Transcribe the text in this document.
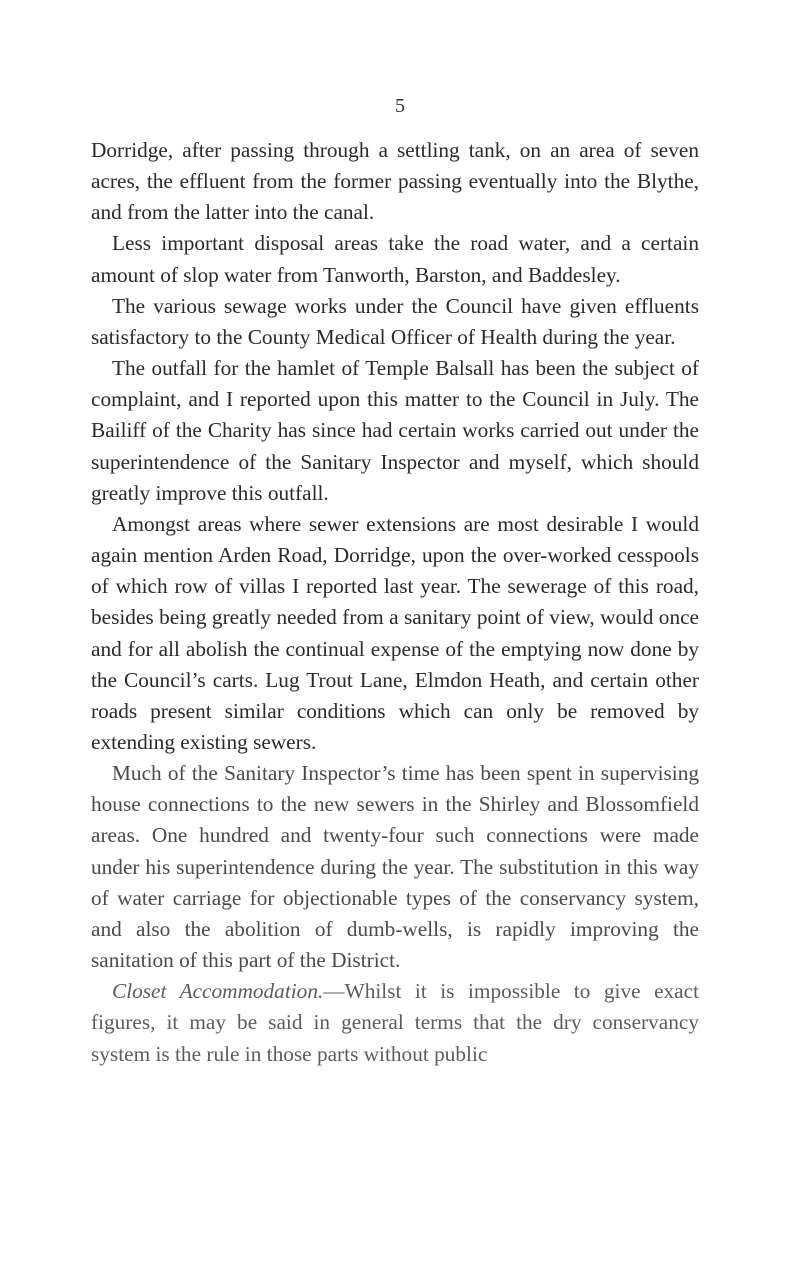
5

Dorridge, after passing through a settling tank, on an area of seven acres, the effluent from the former passing eventually into the Blythe, and from the latter into the canal.

Less important disposal areas take the road water, and a certain amount of slop water from Tanworth, Barston, and Baddesley.

The various sewage works under the Council have given effluents satisfactory to the County Medical Officer of Health during the year.

The outfall for the hamlet of Temple Balsall has been the subject of complaint, and I reported upon this matter to the Council in July. The Bailiff of the Charity has since had certain works carried out under the superintendence of the Sanitary Inspector and myself, which should greatly improve this outfall.

Amongst areas where sewer extensions are most desirable I would again mention Arden Road, Dorridge, upon the over-worked cesspools of which row of villas I reported last year. The sewerage of this road, besides being greatly needed from a sanitary point of view, would once and for all abolish the continual expense of the emptying now done by the Council’s carts. Lug Trout Lane, Elmdon Heath, and certain other roads present similar conditions which can only be removed by extending existing sewers.

Much of the Sanitary Inspector’s time has been spent in supervising house connections to the new sewers in the Shirley and Blossomfield areas. One hundred and twenty-four such connections were made under his superintendence during the year. The substitution in this way of water carriage for objectionable types of the conservancy system, and also the abolition of dumb-wells, is rapidly improving the sanitation of this part of the District.

Closet Accommodation.—Whilst it is impossible to give exact figures, it may be said in general terms that the dry conservancy system is the rule in those parts without public
